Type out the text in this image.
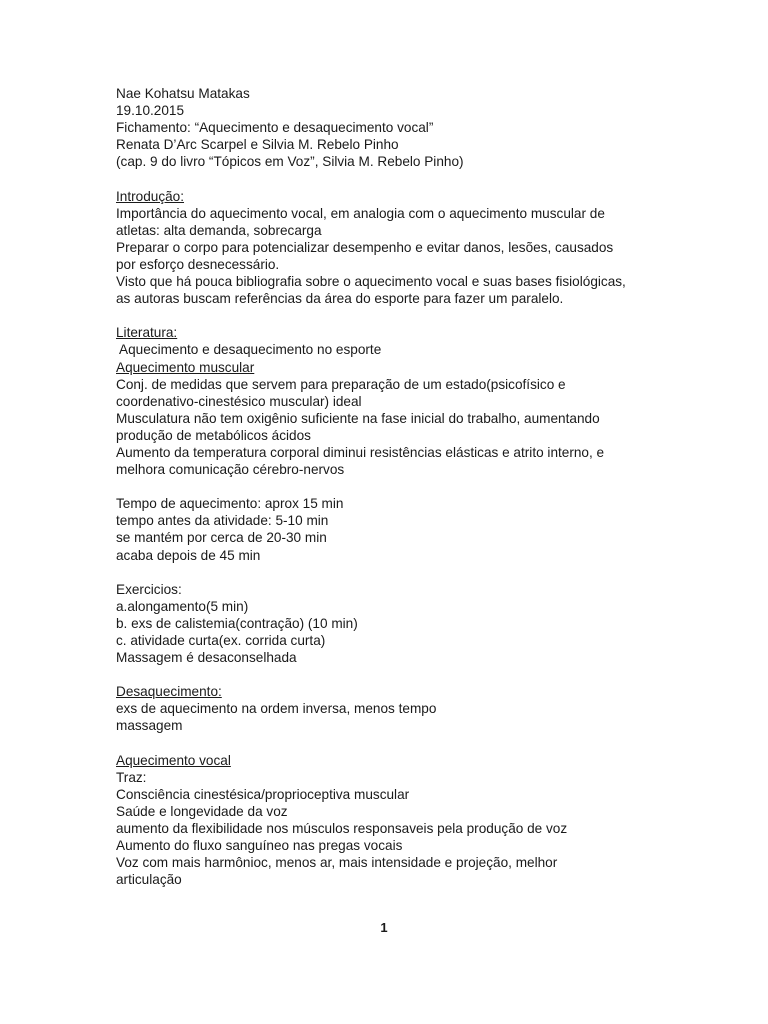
Nae Kohatsu Matakas
19.10.2015
Fichamento: “Aquecimento e desaquecimento vocal”
Renata D’Arc Scarpel e Silvia M. Rebelo Pinho
(cap. 9 do livro “Tópicos em Voz”, Silvia M. Rebelo Pinho)
Introdução:
Importância do aquecimento vocal, em analogia com o aquecimento muscular de
atletas: alta demanda, sobrecarga
Preparar o corpo para potencializar desempenho e evitar danos, lesões, causados
por esforço desnecessário.
Visto que há pouca bibliografia sobre o aquecimento vocal e suas bases fisiológicas,
as autoras buscam referências da área do esporte para fazer um paralelo.
Literatura:
Aquecimento e desaquecimento no esporte
Aquecimento muscular
Conj. de medidas que servem para preparação de um estado(psicofísico e
coordenativo-cinestésico muscular) ideal
Musculatura não tem oxigênio suficiente na fase inicial do trabalho, aumentando
produção de metabólicos ácidos
Aumento da temperatura corporal diminui resistências elásticas e atrito interno, e
melhora comunicação cérebro-nervos
Tempo de aquecimento: aprox 15 min
tempo antes da atividade: 5-10 min
se mantém por cerca de 20-30 min
acaba depois de 45 min
Exercicios:
a.alongamento(5 min)
b. exs de calistemia(contração) (10 min)
c. atividade curta(ex. corrida curta)
Massagem é desaconselhada
Desaquecimento:
exs de aquecimento na ordem inversa, menos tempo
massagem
Aquecimento vocal
Traz:
Consciência cinestésica/proprioceptiva muscular
Saúde e longevidade da voz
aumento da flexibilidade nos músculos responsaveis pela produção de voz
Aumento do fluxo sanguíneo nas pregas vocais
Voz com mais harmônioc, menos ar, mais intensidade e projeção, melhor
articulação
1
